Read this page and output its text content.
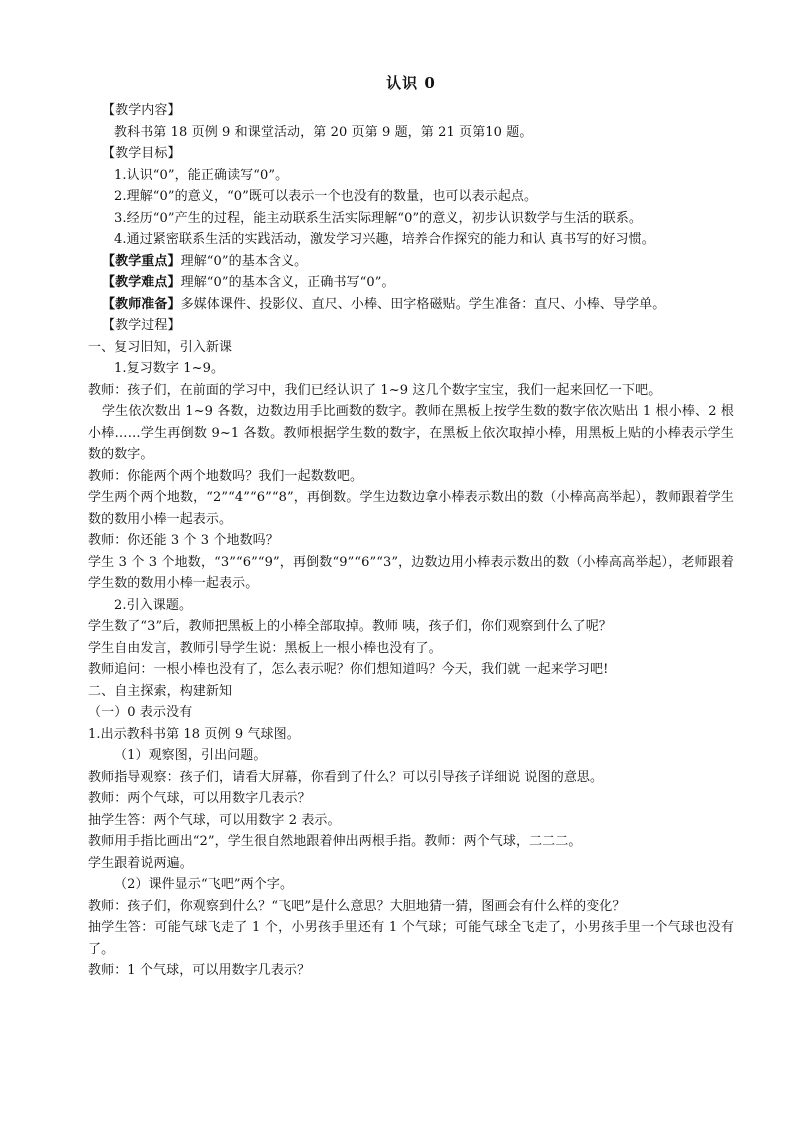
认识 0

【教学内容】

教科书第 18 页例 9 和课堂活动，第 20 页第 9 题，第 21 页第10 题。

【教学目标】

1.认识“0”，能正确读写“0”。

2.理解“0”的意义，“0”既可以表示一个也没有的数量，也可以表示起点。

3.经历“0”产生的过程，能主动联系生活实际理解“0”的意义，初步认识数学与生活的联系。

4.通过紧密联系生活的实践活动，激发学习兴趣，培养合作探究的能力和认 真书写的好习惯。

【教学重点】理解“0”的基本含义。

【教学难点】理解“0”的基本含义，正确书写“0”。

【教师准备】多媒体课件、投影仪、直尺、小棒、田字格磁贴。学生准备：直尺、小棒、导学单。

【教学过程】

一、复习旧知，引入新课

1.复习数字 1~9。

教师：孩子们，在前面的学习中，我们已经认识了 1~9 这几个数字宝宝，我们一起来回忆一下吧。

学生依次数出 1~9 各数，边数边用手比画数的数字。教师在黑板上按学生数的数字依次贴出 1 根小棒、2 根小棒……学生再倒数 9~1 各数。教师根据学生数的数字，在黑板上依次取掉小棒，用黑板上贴的小棒表示学生数的数字。

教师：你能两个两个地数吗？我们一起数数吧。

学生两个两个地数，“2”“4”“6”“8”，再倒数。学生边数边拿小棒表示数出的数（小棒高高举起），教师跟着学生数的数用小棒一起表示。

教师：你还能 3 个 3 个地数吗？

学生 3 个 3 个地数，“3”“6”“9”，再倒数“9”“6”“3”，边数边用小棒表示数出的数（小棒高高举起），老师跟着学生数的数用小棒一起表示。

2.引入课题。

学生数了“3”后，教师把黑板上的小棒全部取掉。教师 咦，孩子们，你们观察到什么了呢？

学生自由发言，教师引导学生说：黑板上一根小棒也没有了。

教师追问：一根小棒也没有了，怎么表示呢？你们想知道吗？今天，我们就 一起来学习吧!

二、自主探索，构建新知

（一）0 表示没有

1.出示教科书第 18 页例 9 气球图。

（1）观察图，引出问题。

教师指导观察：孩子们，请看大屏幕，你看到了什么？可以引导孩子详细说 说图的意思。

教师：两个气球，可以用数字几表示？

抽学生答：两个气球，可以用数字 2 表示。

教师用手指比画出“2”，学生很自然地跟着伸出两根手指。教师：两个气球，二二二。

学生跟着说两遍。

（2）课件显示“飞吧”两个字。

教师：孩子们，你观察到什么？“飞吧”是什么意思？大胆地猜一猜，图画会有什么样的变化？

抽学生答：可能气球飞走了 1 个，小男孩手里还有 1 个气球；可能气球全飞走了，小男孩手里一个气球也没有了。

教师：1 个气球，可以用数字几表示？
